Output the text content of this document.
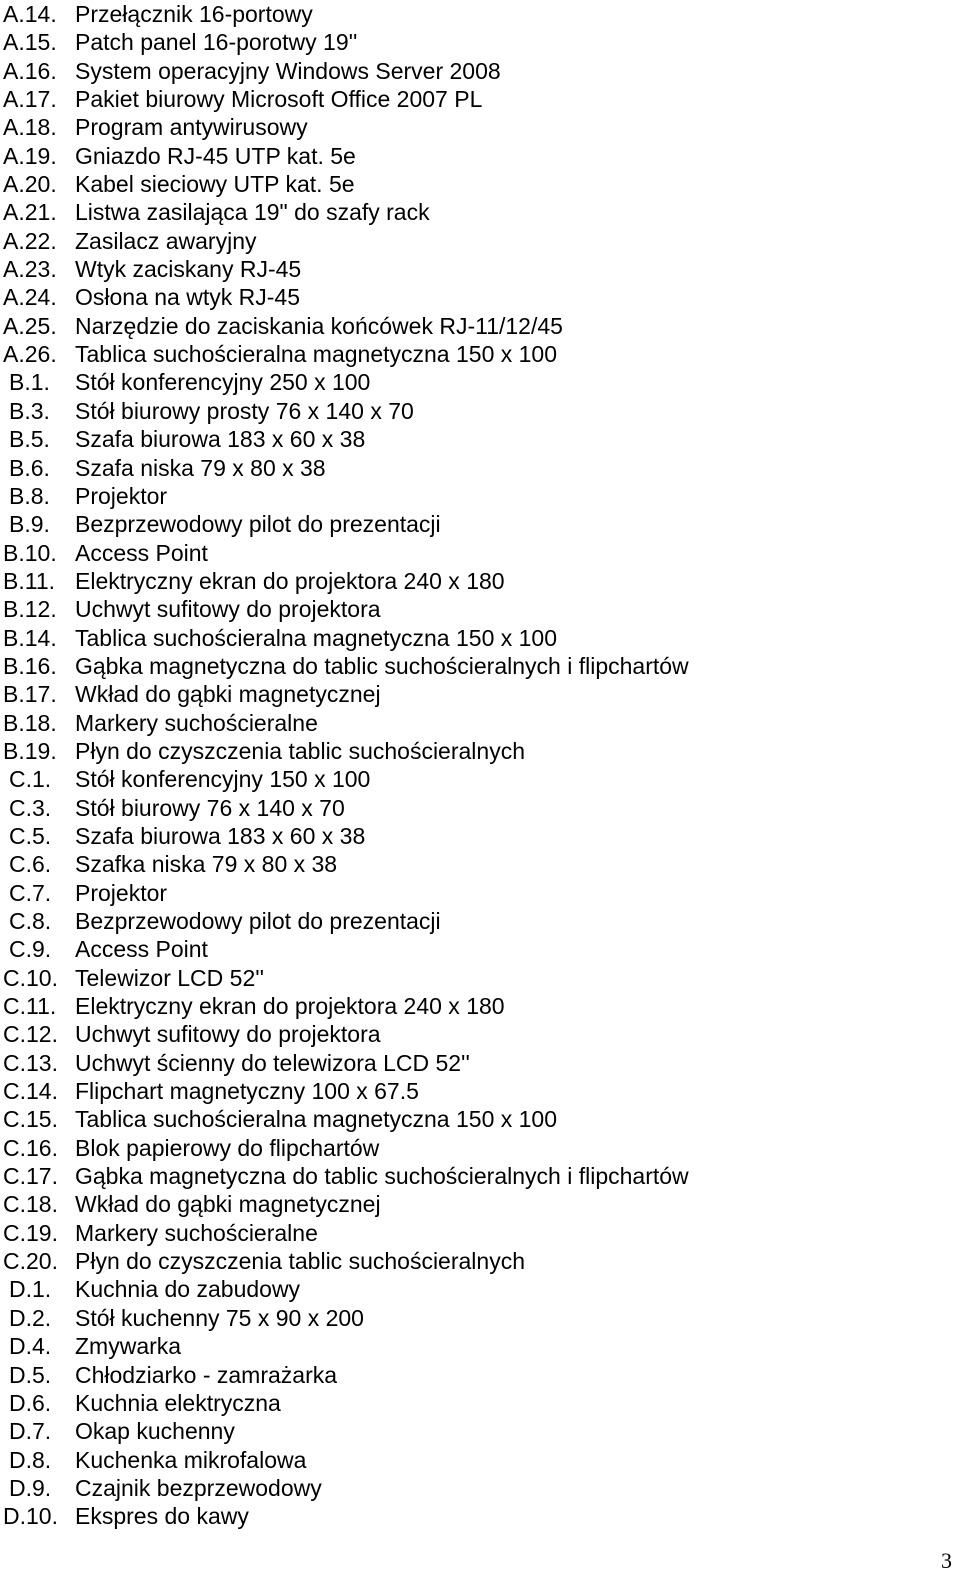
A.14. Przełącznik 16-portowy
A.15. Patch panel 16-porotwy 19''
A.16. System operacyjny Windows Server 2008
A.17. Pakiet biurowy Microsoft Office 2007 PL
A.18. Program antywirusowy
A.19. Gniazdo RJ-45 UTP kat. 5e
A.20. Kabel sieciowy UTP kat. 5e
A.21. Listwa zasilająca 19" do szafy rack
A.22. Zasilacz awaryjny
A.23. Wtyk zaciskany RJ-45
A.24. Osłona na wtyk RJ-45
A.25. Narzędzie do zaciskania końcówek RJ-11/12/45
A.26. Tablica suchościeralna magnetyczna 150 x 100
B.1.	Stół konferencyjny 250 x 100
B.3.	Stół biurowy prosty 76 x 140 x 70
B.5.	Szafa biurowa 183 x 60 x 38
B.6.	Szafa niska 79 x 80 x 38
B.8.	Projektor
B.9.	Bezprzewodowy pilot do prezentacji
B.10. Access Point
B.11. Elektryczny ekran do projektora 240 x 180
B.12. Uchwyt sufitowy do projektora
B.14. Tablica suchościeralna magnetyczna 150 x 100
B.16. Gąbka magnetyczna do tablic suchościeralnych i flipchartów
B.17. Wkład do gąbki magnetycznej
B.18. Markery suchościeralne
B.19. Płyn do czyszczenia tablic suchościeralnych
C.1.	Stół konferencyjny 150 x 100
C.3.	Stół biurowy 76 x 140 x 70
C.5.	Szafa biurowa 183 x 60 x 38
C.6.	Szafka niska 79 x 80 x 38
C.7.	Projektor
C.8.	Bezprzewodowy pilot do prezentacji
C.9.	Access Point
C.10. Telewizor LCD 52''
C.11. Elektryczny ekran do projektora 240 x 180
C.12. Uchwyt sufitowy do projektora
C.13. Uchwyt ścienny do telewizora LCD 52''
C.14. Flipchart magnetyczny 100 x 67.5
C.15. Tablica suchościeralna magnetyczna 150 x 100
C.16. Blok papierowy do flipchartów
C.17. Gąbka magnetyczna do tablic suchościeralnych i flipchartów
C.18. Wkład do gąbki magnetycznej
C.19. Markery suchościeralne
C.20. Płyn do czyszczenia tablic suchościeralnych
D.1.	Kuchnia do zabudowy
D.2.	Stół kuchenny 75 x 90 x 200
D.4.	Zmywarka
D.5.	Chłodziarko - zamrażarka
D.6.	Kuchnia elektryczna
D.7.	Okap kuchenny
D.8.	Kuchenka mikrofalowa
D.9.	Czajnik bezprzewodowy
D.10. Ekspres do kawy
3
